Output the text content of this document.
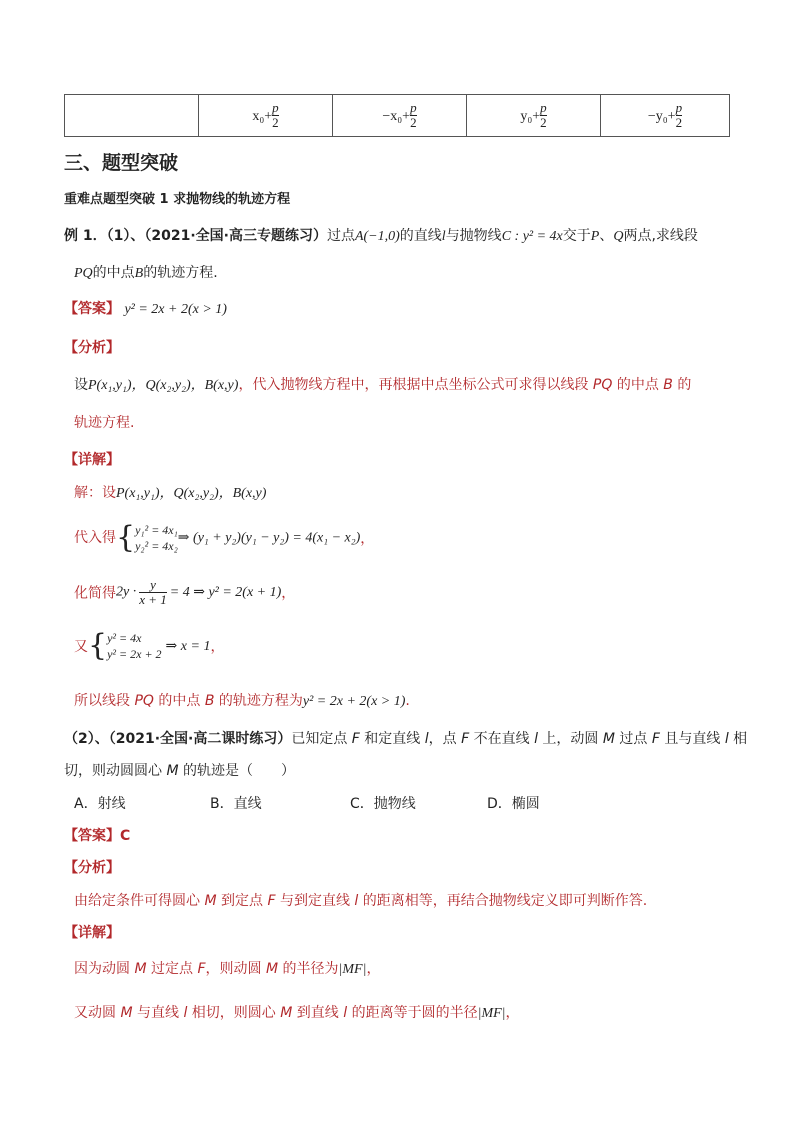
	$x_0+ \frac{p}{2}$	$-x_0+ \frac{p}{2}$	$y_0+ \frac{p}{2}$	$-y_0+ \frac{p}{2}$
三、题型突破
重难点题型突破 1 求抛物线的轨迹方程
例 1．（1）、（2021·全国·高三专题练习）过点A(−1,0)的直线l与抛物线C : y² = 4x交于P、Q两点,求线段
PQ的中点B的轨迹方程.
【答案】 y² = 2x + 2(x > 1)
【分析】
设P(x₁,y₁)，Q(x₂,y₂)，B(x,y)，代入抛物线方程中，再根据中点坐标公式可求得以线段 PQ 的中点 B 的
轨迹方程.
【详解】
解：设P(x₁,y₁)，Q(x₂,y₂)，B(x,y)
代入得{ y₁² = 4x₁
y₂² = 4x₂
⇒ (y₁ + y₂)(y₁ − y₂) = 4(x₁ − x₂)，
化简得$2y \cdot \frac{y}{x + 1} = 4$ ⇒ y² = 2(x + 1)，
又{ y² = 4x
y² = 2x + 2
⇒ x = 1，
所以线段 PQ 的中点 B 的轨迹方程为y² = 2x + 2(x > 1).
（2）、（2021·全国·高二课时练习）已知定点 F 和定直线 l，点 F 不在直线 l 上，动圆 M 过点 F 且与直线 l 相
切，则动圆圆心 M 的轨迹是（　　）
A．射线	B．直线	C．抛物线	D．椭圆
【答案】C
【分析】
由给定条件可得圆心 M 到定点 F 与到定直线 l 的距离相等，再结合抛物线定义即可判断作答.
【详解】
因为动圆 M 过定点 F，则动圆 M 的半径为|MF|，
又动圆 M 与直线 l 相切，则圆心 M 到直线 l 的距离等于圆的半径|MF|，
